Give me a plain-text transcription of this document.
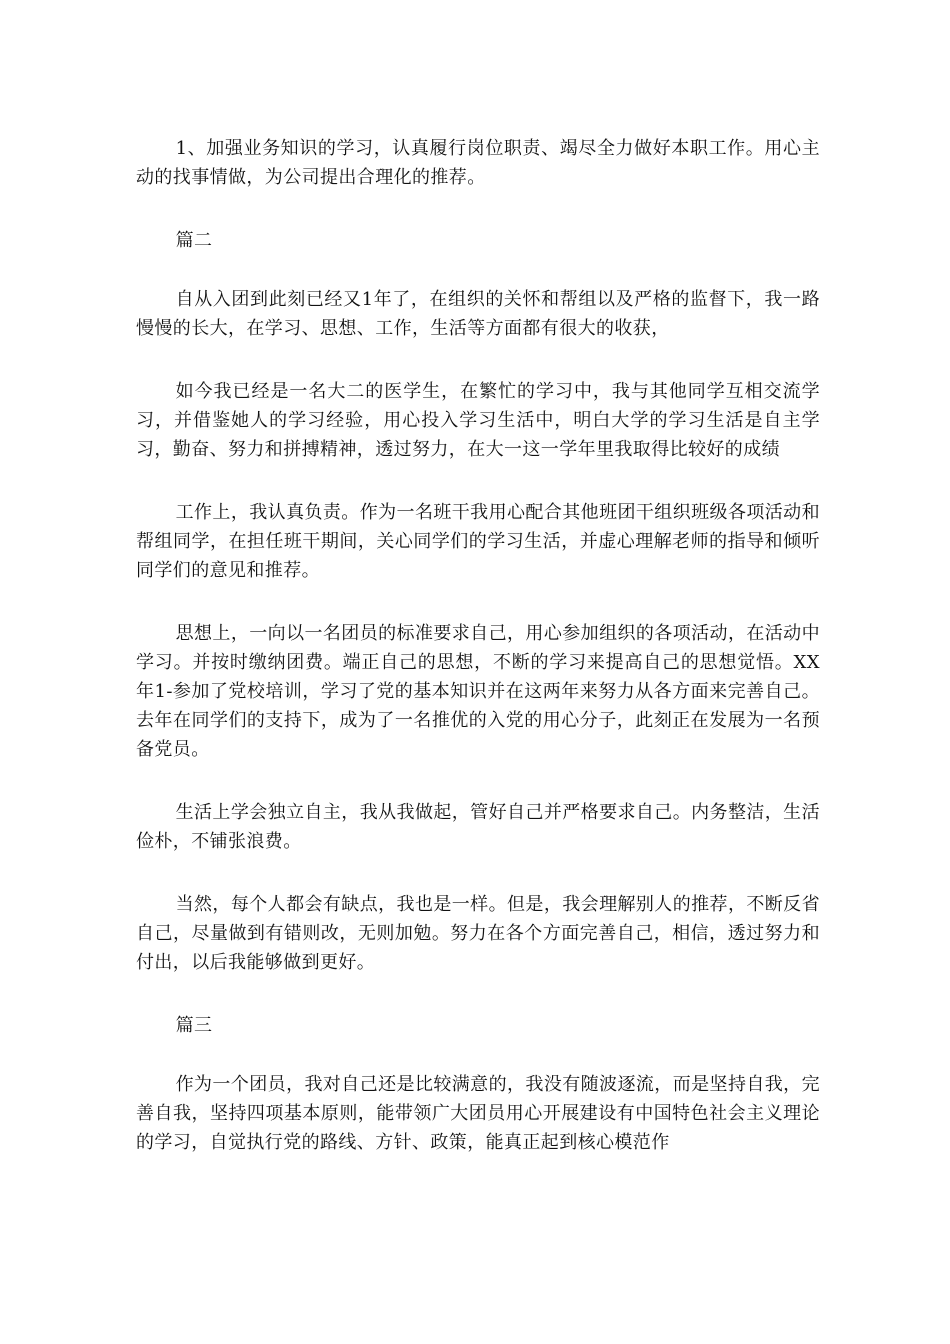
1、加强业务知识的学习，认真履行岗位职责、竭尽全力做好本职工作。用心主动的找事情做，为公司提出合理化的推荐。

篇二

自从入团到此刻已经又1年了，在组织的关怀和帮组以及严格的监督下，我一路慢慢的长大，在学习、思想、工作，生活等方面都有很大的收获，

如今我已经是一名大二的医学生，在繁忙的学习中，我与其他同学互相交流学习，并借鉴她人的学习经验，用心投入学习生活中，明白大学的学习生活是自主学习，勤奋、努力和拼搏精神，透过努力，在大一这一学年里我取得比较好的成绩

工作上，我认真负责。作为一名班干我用心配合其他班团干组织班级各项活动和帮组同学，在担任班干期间，关心同学们的学习生活，并虚心理解老师的指导和倾听同学们的意见和推荐。

思想上，一向以一名团员的标准要求自己，用心参加组织的各项活动，在活动中学习。并按时缴纳团费。端正自己的思想，不断的学习来提高自己的思想觉悟。XX年1-参加了党校培训，学习了党的基本知识并在这两年来努力从各方面来完善自己。去年在同学们的支持下，成为了一名推优的入党的用心分子，此刻正在发展为一名预备党员。

生活上学会独立自主，我从我做起，管好自己并严格要求自己。内务整洁，生活俭朴，不铺张浪费。

当然，每个人都会有缺点，我也是一样。但是，我会理解别人的推荐，不断反省自己，尽量做到有错则改，无则加勉。努力在各个方面完善自己，相信，透过努力和付出，以后我能够做到更好。

篇三

作为一个团员，我对自己还是比较满意的，我没有随波逐流，而是坚持自我，完善自我，坚持四项基本原则，能带领广大团员用心开展建设有中国特色社会主义理论的学习，自觉执行党的路线、方针、政策，能真正起到核心模范作
